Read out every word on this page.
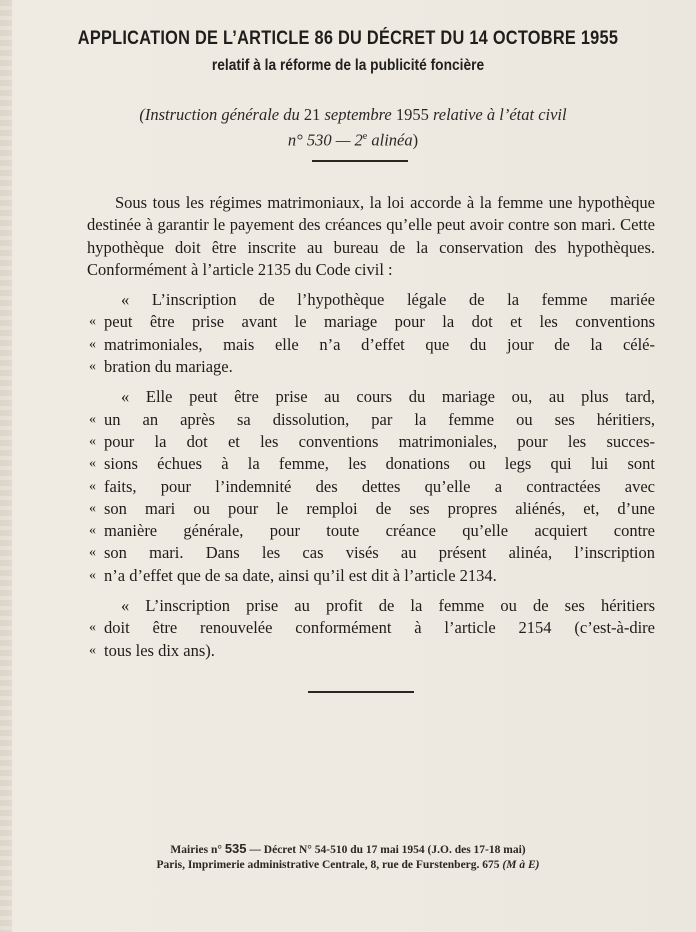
APPLICATION DE L’ARTICLE 86 DU DÉCRET DU 14 OCTOBRE 1955
relatif à la réforme de la publicité foncière
(Instruction générale du 21 septembre 1955 relative à l’état civil
n° 530 — 2e alinéa)

Sous tous les régimes matrimoniaux, la loi accorde à la femme une hypothèque destinée à garantir le payement des créances qu’elle peut avoir contre son mari. Cette hypothèque doit être inscrite au bureau de la conservation des hypothèques. Conformément à l’article 2135 du Code civil :

« L’inscription de l’hypothèque légale de la femme mariée
« peut être prise avant le mariage pour la dot et les conventions
« matrimoniales, mais elle n’a d’effet que du jour de la célé-
« bration du mariage.
« Elle peut être prise au cours du mariage ou, au plus tard,
« un an après sa dissolution, par la femme ou ses héritiers,
« pour la dot et les conventions matrimoniales, pour les succes-
« sions échues à la femme, les donations ou legs qui lui sont
« faits, pour l’indemnité des dettes qu’elle a contractées avec
« son mari ou pour le remploi de ses propres aliénés, et, d’une
« manière générale, pour toute créance qu’elle acquiert contre
« son mari. Dans les cas visés au présent alinéa, l’inscription
« n’a d’effet que de sa date, ainsi qu’il est dit à l’article 2134.
« L’inscription prise au profit de la femme ou de ses héritiers
« doit être renouvelée conformément à l’article 2154 (c’est-à-dire
« tous les dix ans).
Mairies n° 535 — Décret N° 54-510 du 17 mai 1954 (J.O. des 17-18 mai)
Paris, Imprimerie administrative Centrale, 8, rue de Furstenberg. 675 (M à E)
